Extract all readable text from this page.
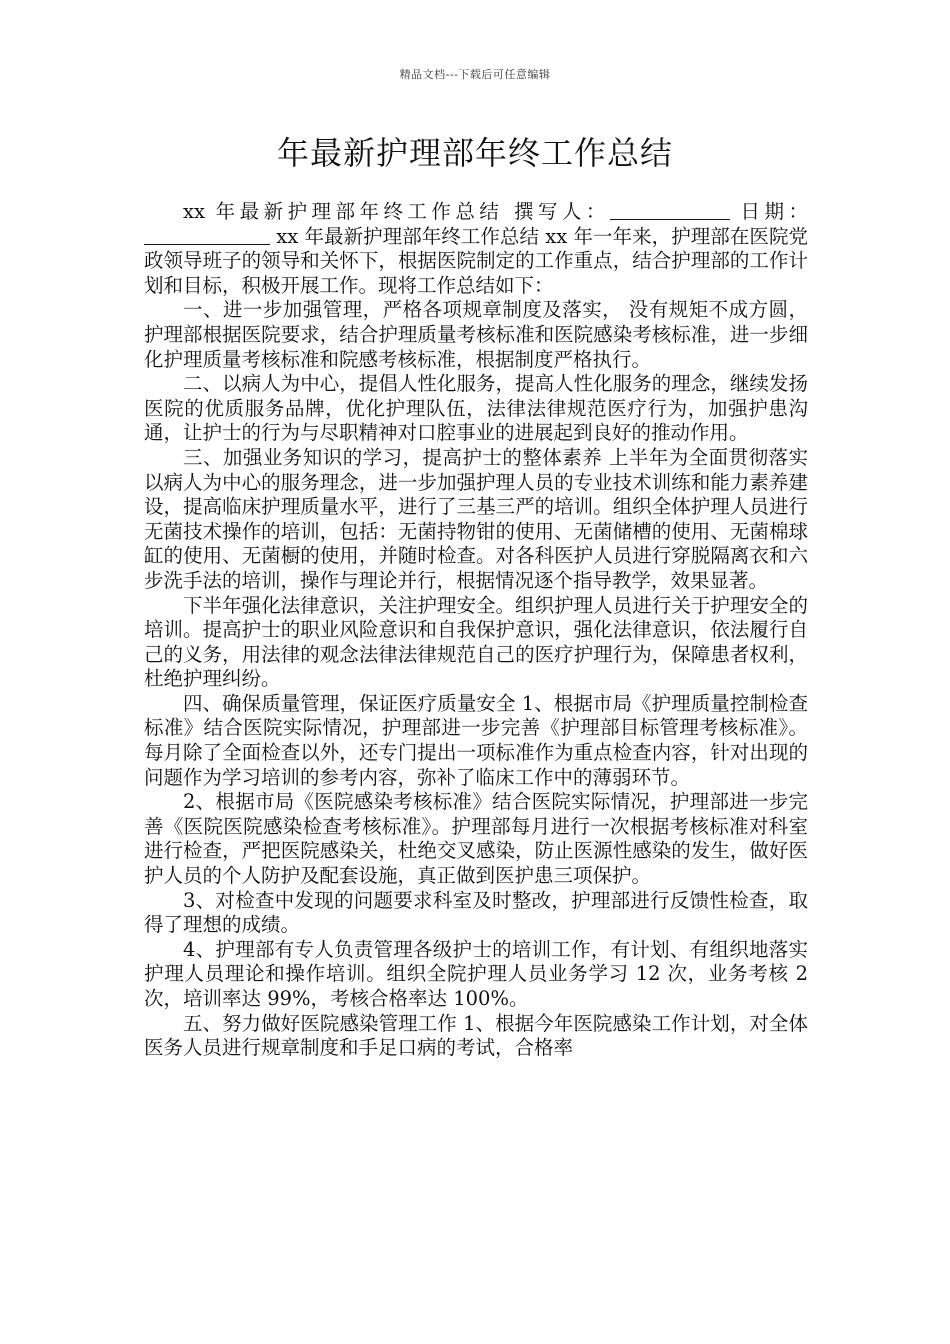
精品文档---下载后可任意编辑
年最新护理部年终工作总结

xx 年最新护理部年终工作总结 撰写人：	日期： xx 年最新护理部年终工作总结 xx 年一年来，护理部在医院党政领导班子的领导和关怀下，根据医院制定的工作重点，结合护理部的工作计划和目标，积极开展工作。现将工作总结如下：

一、进一步加强管理，严格各项规章制度及落实， 没有规矩不成方圆，护理部根据医院要求，结合护理质量考核标准和医院感染考核标准，进一步细化护理质量考核标准和院感考核标准，根据制度严格执行。

二、以病人为中心，提倡人性化服务，提高人性化服务的理念，继续发扬医院的优质服务品牌，优化护理队伍，法律法律规范医疗行为，加强护患沟通，让护士的行为与尽职精神对口腔事业的进展起到良好的推动作用。

三、加强业务知识的学习，提高护士的整体素养 上半年为全面贯彻落实以病人为中心的服务理念，进一步加强护理人员的专业技术训练和能力素养建设，提高临床护理质量水平，进行了三基三严的培训。组织全体护理人员进行无菌技术操作的培训，包括：无菌持物钳的使用、无菌储槽的使用、无菌棉球缸的使用、无菌橱的使用，并随时检查。对各科医护人员进行穿脱隔离衣和六步洗手法的培训，操作与理论并行，根据情况逐个指导教学，效果显著。

下半年强化法律意识，关注护理安全。组织护理人员进行关于护理安全的培训。提高护士的职业风险意识和自我保护意识，强化法律意识，依法履行自己的义务，用法律的观念法律法律规范自己的医疗护理行为，保障患者权利，杜绝护理纠纷。

四、确保质量管理，保证医疗质量安全 1、根据市局《护理质量控制检查标准》结合医院实际情况，护理部进一步完善《护理部目标管理考核标准》。每月除了全面检查以外，还专门提出一项标准作为重点检查内容，针对出现的问题作为学习培训的参考内容，弥补了临床工作中的薄弱环节。

2、根据市局《医院感染考核标准》结合医院实际情况，护理部进一步完善《医院医院感染检查考核标准》。护理部每月进行一次根据考核标准对科室进行检查，严把医院感染关，杜绝交叉感染，防止医源性感染的发生，做好医护人员的个人防护及配套设施，真正做到医护患三项保护。

3、对检查中发现的问题要求科室及时整改，护理部进行反馈性检查，取得了理想的成绩。

4、护理部有专人负责管理各级护士的培训工作，有计划、有组织地落实护理人员理论和操作培训。组织全院护理人员业务学习 12 次，业务考核 2 次，培训率达 99%，考核合格率达 100%。

五、努力做好医院感染管理工作 1、根据今年医院感染工作计划，对全体医务人员进行规章制度和手足口病的考试，合格率
